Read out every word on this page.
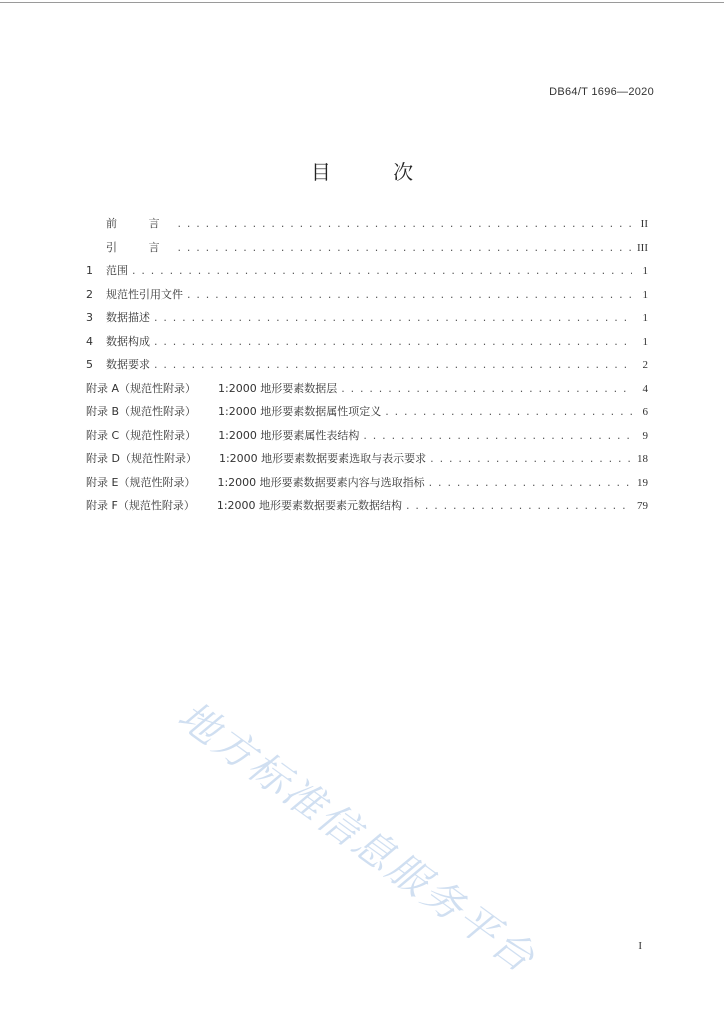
DB64/T 1696—2020
目 次
前 言 . . .	II
引 言 . . .	III
1	范围 . . .	1
2	规范性引用文件 . . .	1
3	数据描述 . . .	1
4	数据构成 . . .	1
5	数据要求 . . .	2
附录 A（规范性附录） 1:2000 地形要素数据层 . . .	4
附录 B（规范性附录） 1:2000 地形要素数据属性项定义 . . .	6
附录 C（规范性附录） 1:2000 地形要素属性表结构 . . .	9
附录 D（规范性附录） 1:2000 地形要素数据要素选取与表示要求 . . .	18
附录 E（规范性附录） 1:2000 地形要素数据要素内容与选取指标 . . .	19
附录 F（规范性附录） 1:2000 地形要素数据要素元数据结构 . . .	79
地方标准信息服务平台	I
